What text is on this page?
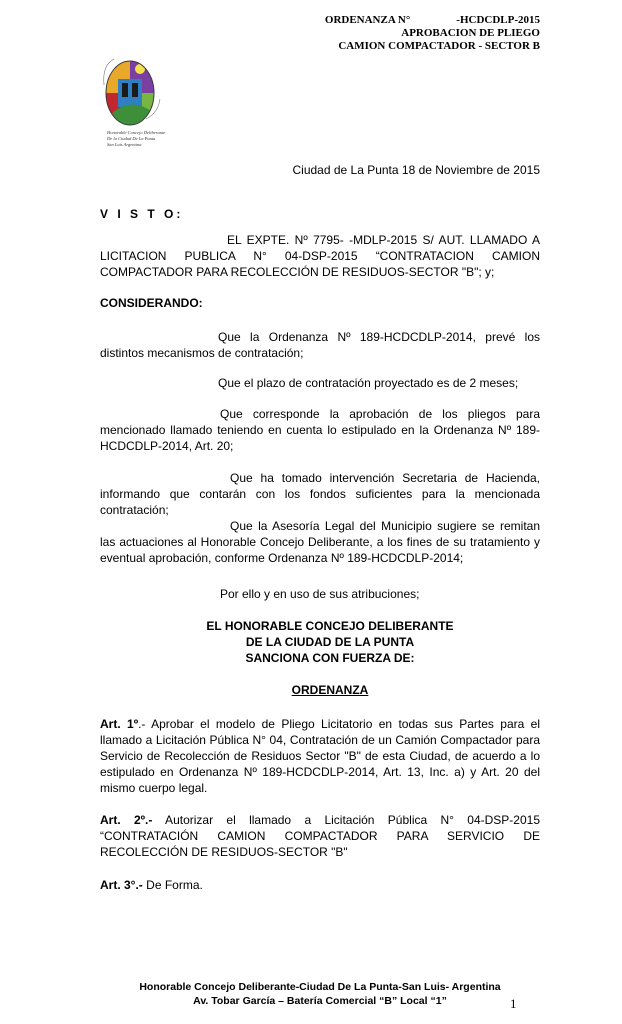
ORDENANZA N°	-HCDCDLP-2015
APROBACION DE PLIEGO
CAMION COMPACTADOR - SECTOR B
Honorable Concejo Deliberante
De la Ciudad De La Punta
San Luis Argentina
Ciudad de La Punta 18 de Noviembre de 2015
V I S T O:
EL EXPTE. Nº 7795- -MDLP-2015 S/ AUT. LLAMADO A LICITACION PUBLICA N° 04-DSP-2015 “CONTRATACION CAMION COMPACTADOR PARA RECOLECCIÓN DE RESIDUOS-SECTOR "B"; y;
CONSIDERANDO:
Que la Ordenanza Nº 189-HCDCDLP-2014, prevé los distintos mecanismos de contratación;
Que el plazo de contratación proyectado es de 2 meses;
Que corresponde la aprobación de los pliegos para mencionado llamado teniendo en cuenta lo estipulado en la Ordenanza Nº 189-HCDCDLP-2014, Art. 20;
Que ha tomado intervención Secretaria de Hacienda, informando que contarán con los fondos suficientes para la mencionada contratación;
Que la Asesoría Legal del Municipio sugiere se remitan las actuaciones al Honorable Concejo Deliberante, a los fines de su tratamiento y eventual aprobación, conforme Ordenanza Nº 189-HCDCDLP-2014;
Por ello y en uso de sus atribuciones;
EL HONORABLE CONCEJO DELIBERANTE
DE LA CIUDAD DE LA PUNTA
SANCIONA CON FUERZA DE:
ORDENANZA
Art. 1º.- Aprobar el modelo de Pliego Licitatorio en todas sus Partes para el llamado a Licitación Pública N° 04, Contratación de un Camión Compactador para Servicio de Recolección de Residuos Sector "B" de esta Ciudad, de acuerdo a lo estipulado en Ordenanza Nº 189-HCDCDLP-2014, Art. 13, Inc. a) y Art. 20 del mismo cuerpo legal.
Art. 2º.- Autorizar el llamado a Licitación Pública N° 04-DSP-2015 “CONTRATACIÓN CAMION COMPACTADOR PARA SERVICIO DE RECOLECCIÓN DE RESIDUOS-SECTOR "B"
Art. 3°.- De Forma.
Honorable Concejo Deliberante-Ciudad De La Punta-San Luis- Argentina
Av. Tobar García – Batería Comercial “B” Local “1”	1
